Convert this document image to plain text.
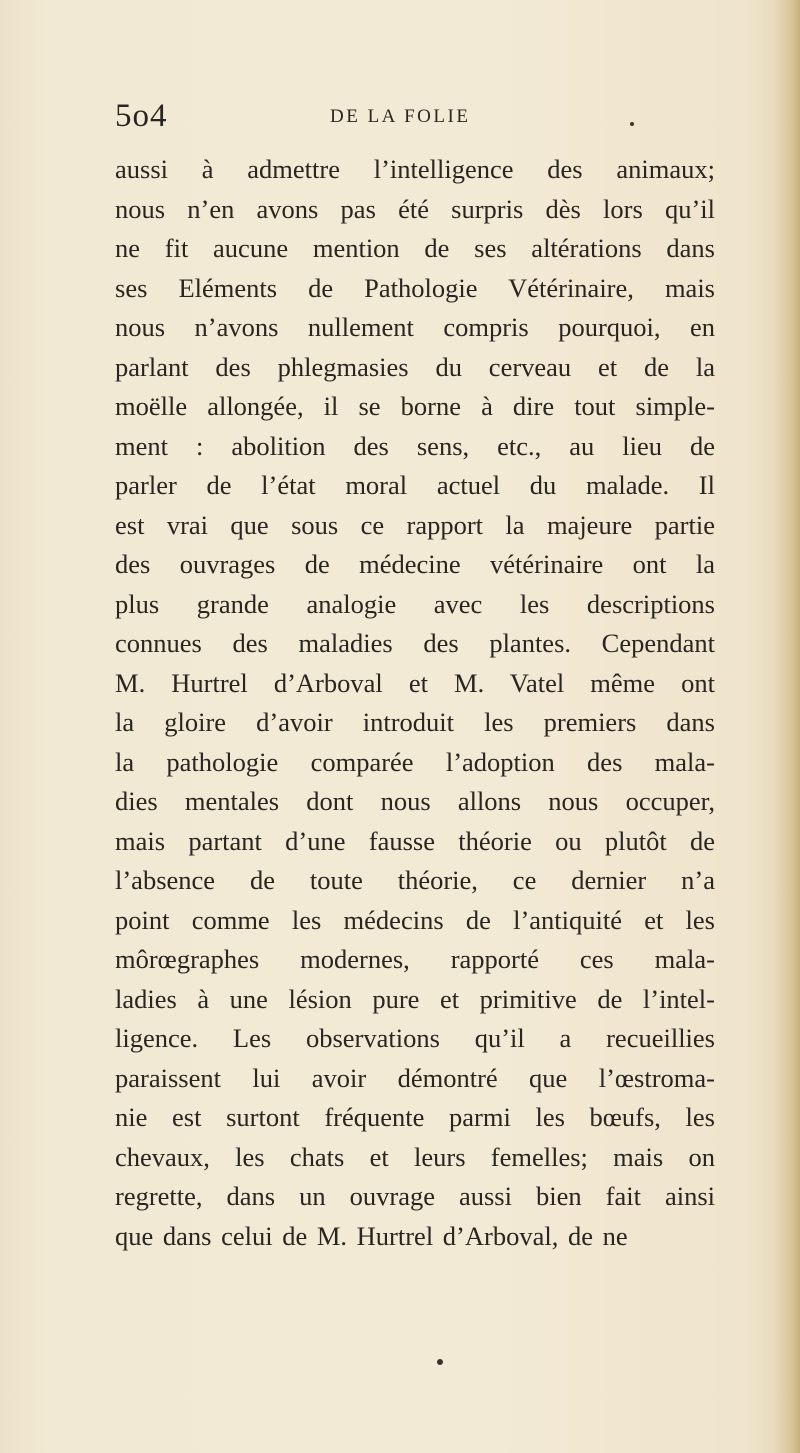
5o4	DE LA FOLIE
aussi à admettre l’intelligence des animaux;
nous n’en avons pas été surpris dès lors qu’il
ne fit aucune mention de ses altérations dans
ses Eléments de Pathologie Vétérinaire, mais
nous n’avons nullement compris pourquoi, en
parlant des phlegmasies du cerveau et de la
moëlle allongée, il se borne à dire tout simple-
ment : abolition des sens, etc., au lieu de
parler de l’état moral actuel du malade. Il
est vrai que sous ce rapport la majeure partie
des ouvrages de médecine vétérinaire ont la
plus grande analogie avec les descriptions
connues des maladies des plantes. Cependant
M. Hurtrel d’Arboval et M. Vatel même ont
la gloire d’avoir introduit les premiers dans
la pathologie comparée l’adoption des mala-
dies mentales dont nous allons nous occuper,
mais partant d’une fausse théorie ou plutôt de
l’absence de toute théorie, ce dernier n’a
point comme les médecins de l’antiquité et les
môrœgraphes modernes, rapporté ces mala-
ladies à une lésion pure et primitive de l’intel-
ligence. Les observations qu’il a recueillies
paraissent lui avoir démontré que l’œstroma-
nie est surtont fréquente parmi les bœufs, les
chevaux, les chats et leurs femelles; mais on
regrette, dans un ouvrage aussi bien fait ainsi
que dans celui de M. Hurtrel d’Arboval, de ne
